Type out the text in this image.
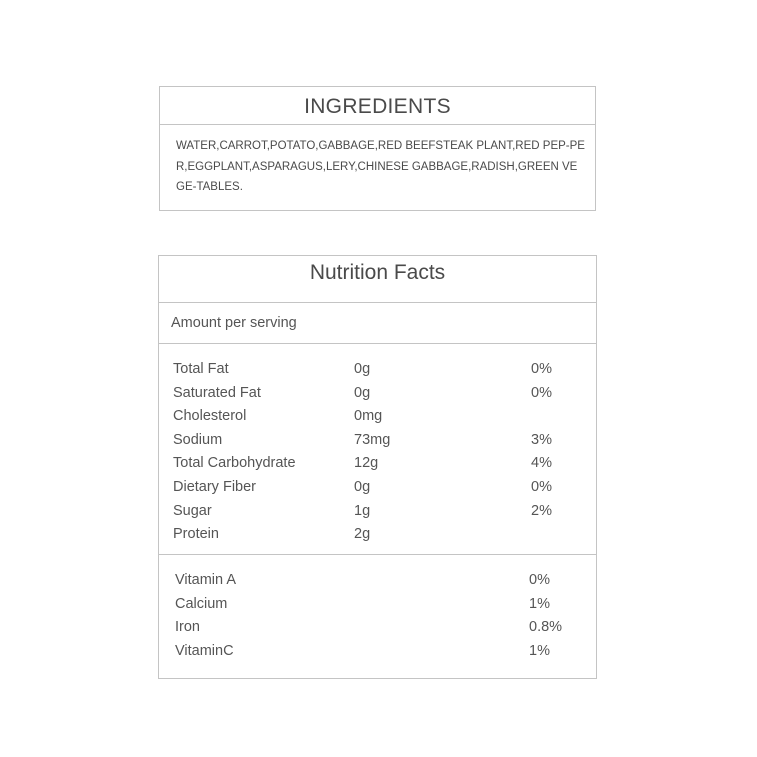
INGREDIENTS
WATER,CARROT,POTATO,GABBAGE,RED BEEFSTEAK PLANT,RED PEP-PER,EGGPLANT,ASPARAGUS,LERY,CHINESE GABBAGE,RADISH,GREEN VEGE-TABLES.
Nutrition Facts
Amount per serving
Total Fat	0g	0%
Saturated Fat	0g	0%
Cholesterol	0mg
Sodium	73mg	3%
Total Carbohydrate	12g	4%
Dietary Fiber	0g	0%
Sugar	1g	2%
Protein	2g
Vitamin A	0%
Calcium	1%
Iron	0.8%
VitaminC	1%
